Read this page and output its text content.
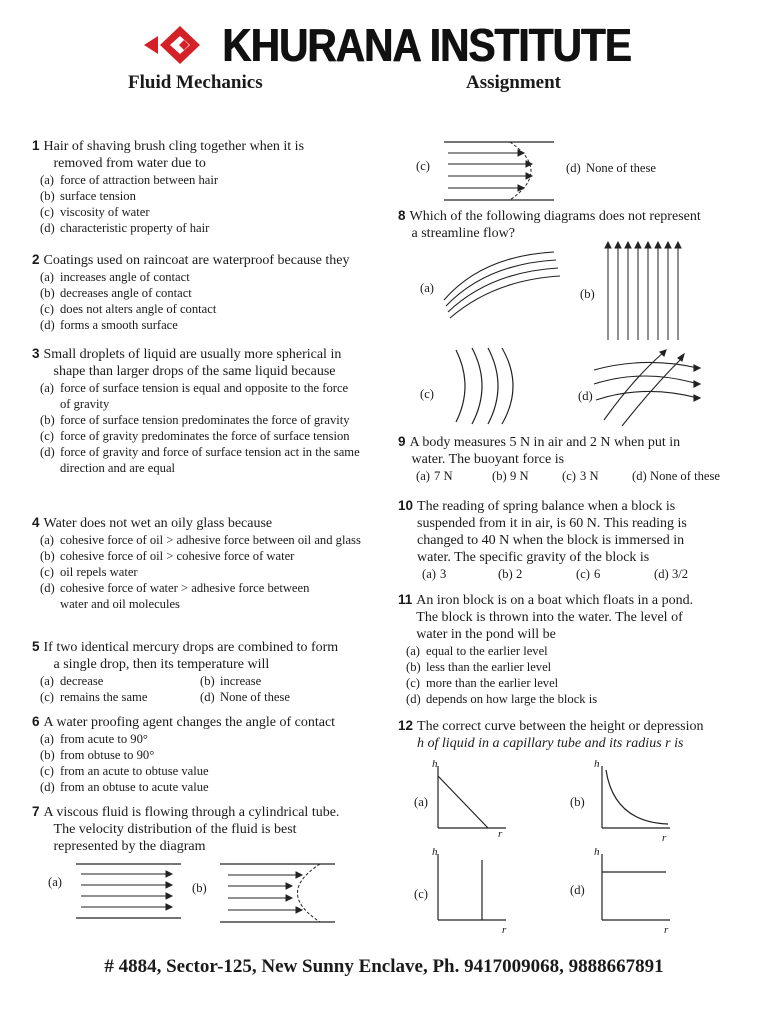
KHURANA INSTITUTE
Fluid Mechanics	Assignment
1 Hair of shaving brush cling together when it is
removed from water due to
(a) force of attraction between hair
(b) surface tension
(c) viscosity of water
(d) characteristic property of hair
2 Coatings used on raincoat are waterproof because they
(a) increases angle of contact
(b) decreases angle of contact
(c) does not alters angle of contact
(d) forms a smooth surface
3 Small droplets of liquid are usually more spherical in
shape than larger drops of the same liquid because
(a) force of surface tension is equal and opposite to the force of gravity
(b) force of surface tension predominates the force of gravity
(c) force of gravity predominates the force of surface tension
(d) force of gravity and force of surface tension act in the same direction and are equal
4 Water does not wet an oily glass because
(a) cohesive force of oil > adhesive force between oil and glass
(b) cohesive force of oil > cohesive force of water
(c) oil repels water
(d) cohesive force of water > adhesive force between water and oil molecules
5 If two identical mercury drops are combined to form
a single drop, then its temperature will
(a) decrease	(b) increase
(c) remains the same	(d) None of these
6 A water proofing agent changes the angle of contact
(a) from acute to 90°
(b) from obtuse to 90°
(c) from an acute to obtuse value
(d) from an obtuse to acute value
7 A viscous fluid is flowing through a cylindrical tube.
The velocity distribution of the fluid is best
represented by the diagram
(a)	(b)
(c)	(d) None of these
8 Which of the following diagrams does not represent
a streamline flow?
(a)	(b)
(c)	(d)
9 A body measures 5 N in air and 2 N when put in
water. The buoyant force is
(a) 7 N	(b) 9 N	(c) 3 N	(d) None of these
10 The reading of spring balance when a block is
suspended from it in air, is 60 N. This reading is
changed to 40 N when the block is immersed in
water. The specific gravity of the block is
(a) 3	(b) 2	(c) 6	(d) 3/2
11 An iron block is on a boat which floats in a pond.
The block is thrown into the water. The level of
water in the pond will be
(a) equal to the earlier level
(b) less than the earlier level
(c) more than the earlier level
(d) depends on how large the block is
12 The correct curve between the height or depression
h of liquid in a capillary tube and its radius r is
(a)
h
r
(b)
h
r
(c)
h
r
(d)
h
r
# 4884, Sector-125, New Sunny Enclave, Ph. 9417009068, 9888667891
